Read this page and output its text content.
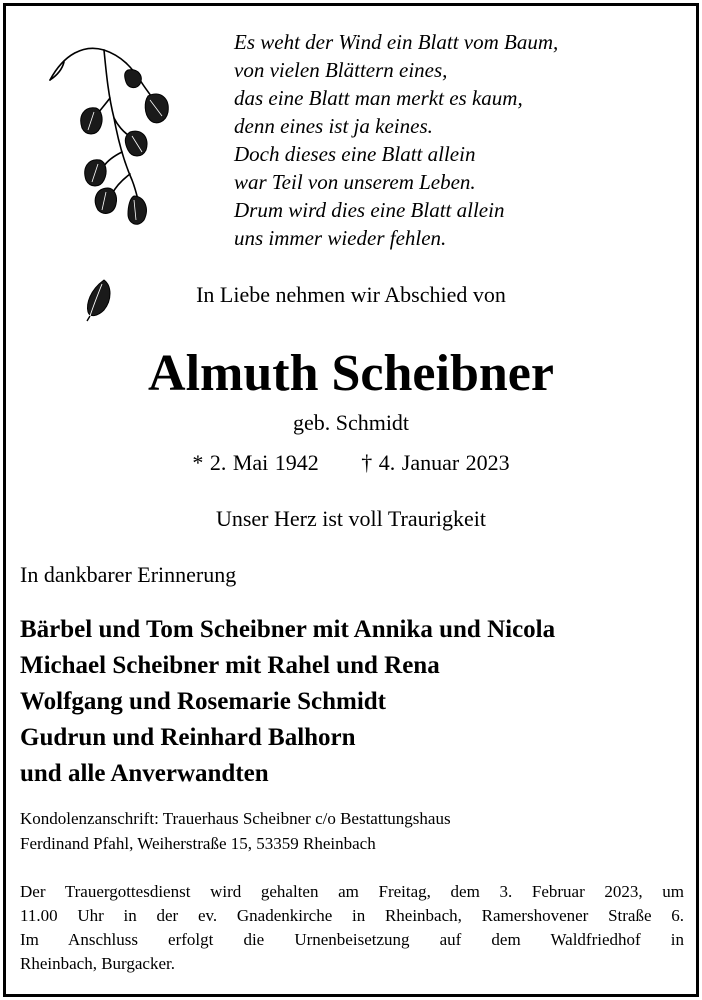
Es weht der Wind ein Blatt vom Baum,
von vielen Blättern eines,
das eine Blatt man merkt es kaum,
denn eines ist ja keines.
Doch dieses eine Blatt allein
war Teil von unserem Leben.
Drum wird dies eine Blatt allein
uns immer wieder fehlen.
In Liebe nehmen wir Abschied von
Almuth Scheibner
geb. Schmidt
* 2. Mai 1942 † 4. Januar 2023
Unser Herz ist voll Traurigkeit
In dankbarer Erinnerung
Bärbel und Tom Scheibner mit Annika und Nicola
Michael Scheibner mit Rahel und Rena
Wolfgang und Rosemarie Schmidt
Gudrun und Reinhard Balhorn
und alle Anverwandten
Kondolenzanschrift: Trauerhaus Scheibner c/o Bestattungshaus
Ferdinand Pfahl, Weiherstraße 15, 53359 Rheinbach
Der Trauergottesdienst wird gehalten am Freitag, dem 3. Februar 2023, um
11.00 Uhr in der ev. Gnadenkirche in Rheinbach, Ramershovener Straße 6.
Im Anschluss erfolgt die Urnenbeisetzung auf dem Waldfriedhof in
Rheinbach, Burgacker.
